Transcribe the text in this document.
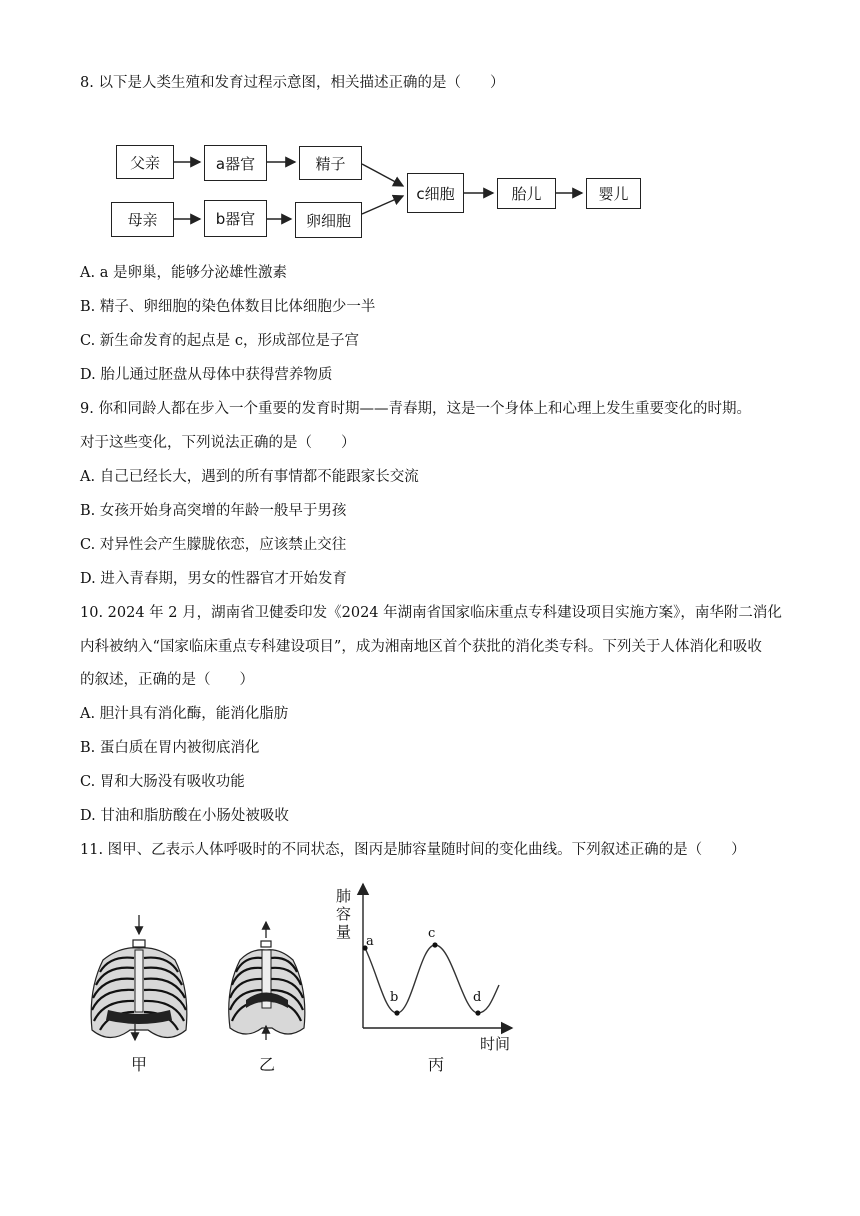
8. 以下是人类生殖和发育过程示意图，相关描述正确的是（　　）
父亲	a器官	精子
母亲	b器官	卵细胞
c细胞	胎儿	婴儿
A. a 是卵巢，能够分泌雄性激素
B. 精子、卵细胞的染色体数目比体细胞少一半
C. 新生命发育的起点是 c，形成部位是子宫
D. 胎儿通过胚盘从母体中获得营养物质
9. 你和同龄人都在步入一个重要的发育时期——青春期，这是一个身体上和心理上发生重要变化的时期。
对于这些变化，下列说法正确的是（　　）
A. 自己已经长大，遇到的所有事情都不能跟家长交流
B. 女孩开始身高突增的年龄一般早于男孩
C. 对异性会产生朦胧依恋，应该禁止交往
D. 进入青春期，男女的性器官才开始发育
10. 2024 年 2 月，湖南省卫健委印发《2024 年湖南省国家临床重点专科建设项目实施方案》，南华附二消化
内科被纳入“国家临床重点专科建设项目”，成为湘南地区首个获批的消化类专科。下列关于人体消化和吸收
的叙述，正确的是（　　）
A. 胆汁具有消化酶，能消化脂肪
B. 蛋白质在胃内被彻底消化
C. 胃和大肠没有吸收功能
D. 甘油和脂肪酸在小肠处被吸收
11. 图甲、乙表示人体呼吸时的不同状态，图丙是肺容量随时间的变化曲线。下列叙述正确的是（　　）
甲	乙	丙
肺
容
量
时间
a
b
c
d
